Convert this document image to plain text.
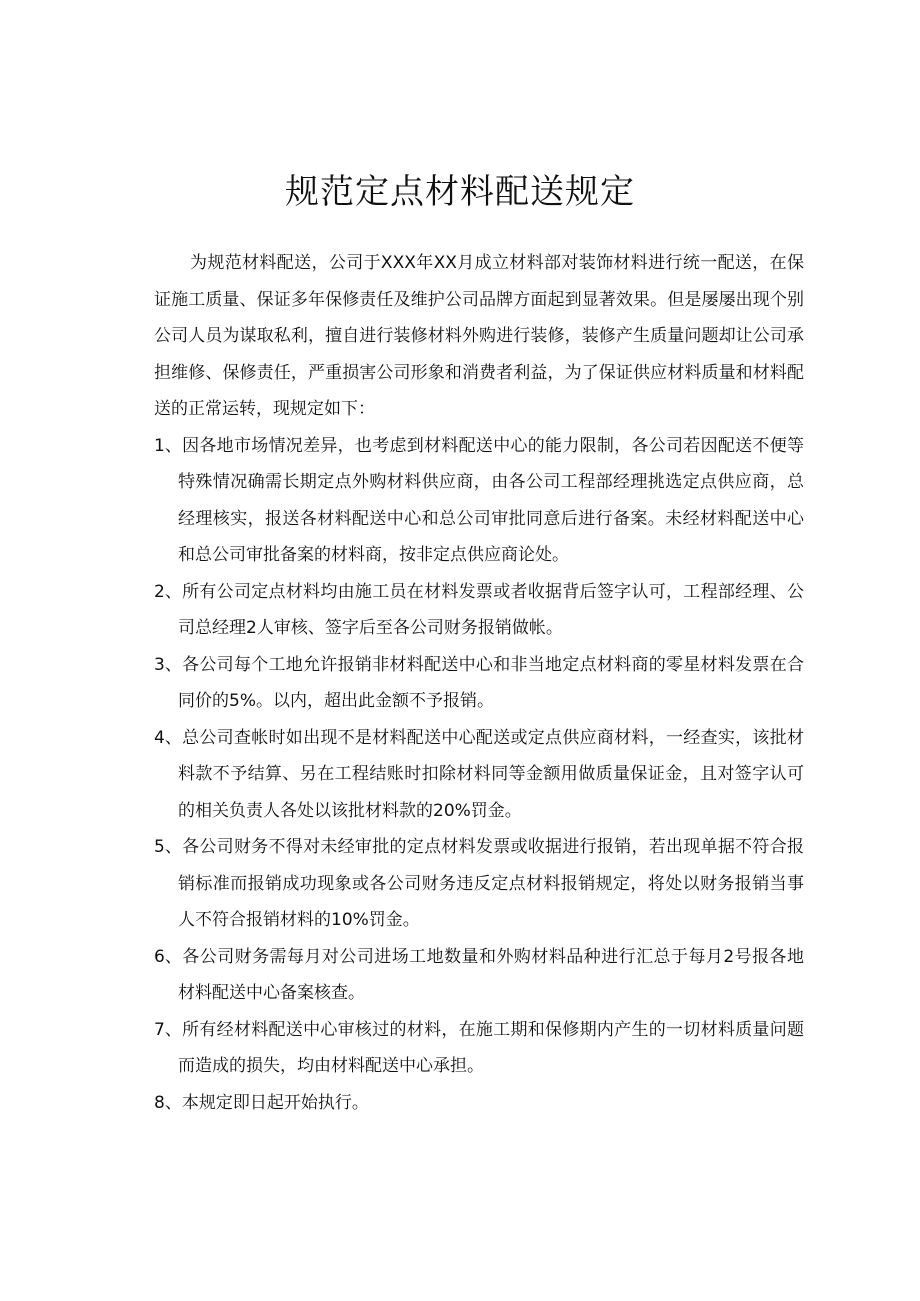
规范定点材料配送规定

为规范材料配送，公司于XXX年XX月成立材料部对装饰材料进行统一配送，在保证施工质量、保证多年保修责任及维护公司品牌方面起到显著效果。但是屡屡出现个别公司人员为谋取私利，擅自进行装修材料外购进行装修，装修产生质量问题却让公司承担维修、保修责任，严重损害公司形象和消费者利益，为了保证供应材料质量和材料配送的正常运转，现规定如下：

1、因各地市场情况差异，也考虑到材料配送中心的能力限制，各公司若因配送不便等特殊情况确需长期定点外购材料供应商，由各公司工程部经理挑选定点供应商，总经理核实，报送各材料配送中心和总公司审批同意后进行备案。未经材料配送中心和总公司审批备案的材料商，按非定点供应商论处。
2、所有公司定点材料均由施工员在材料发票或者收据背后签字认可，工程部经理、公司总经理2人审核、签字后至各公司财务报销做帐。
3、各公司每个工地允许报销非材料配送中心和非当地定点材料商的零星材料发票在合同价的5%。以内，超出此金额不予报销。
4、总公司查帐时如出现不是材料配送中心配送或定点供应商材料，一经查实，该批材料款不予结算、另在工程结账时扣除材料同等金额用做质量保证金，且对签字认可的相关负责人各处以该批材料款的20%罚金。
5、各公司财务不得对未经审批的定点材料发票或收据进行报销，若出现单据不符合报销标准而报销成功现象或各公司财务违反定点材料报销规定，将处以财务报销当事人不符合报销材料的10%罚金。
6、各公司财务需每月对公司进场工地数量和外购材料品种进行汇总于每月2号报各地材料配送中心备案核查。
7、所有经材料配送中心审核过的材料，在施工期和保修期内产生的一切材料质量问题而造成的损失，均由材料配送中心承担。
8、本规定即日起开始执行。
